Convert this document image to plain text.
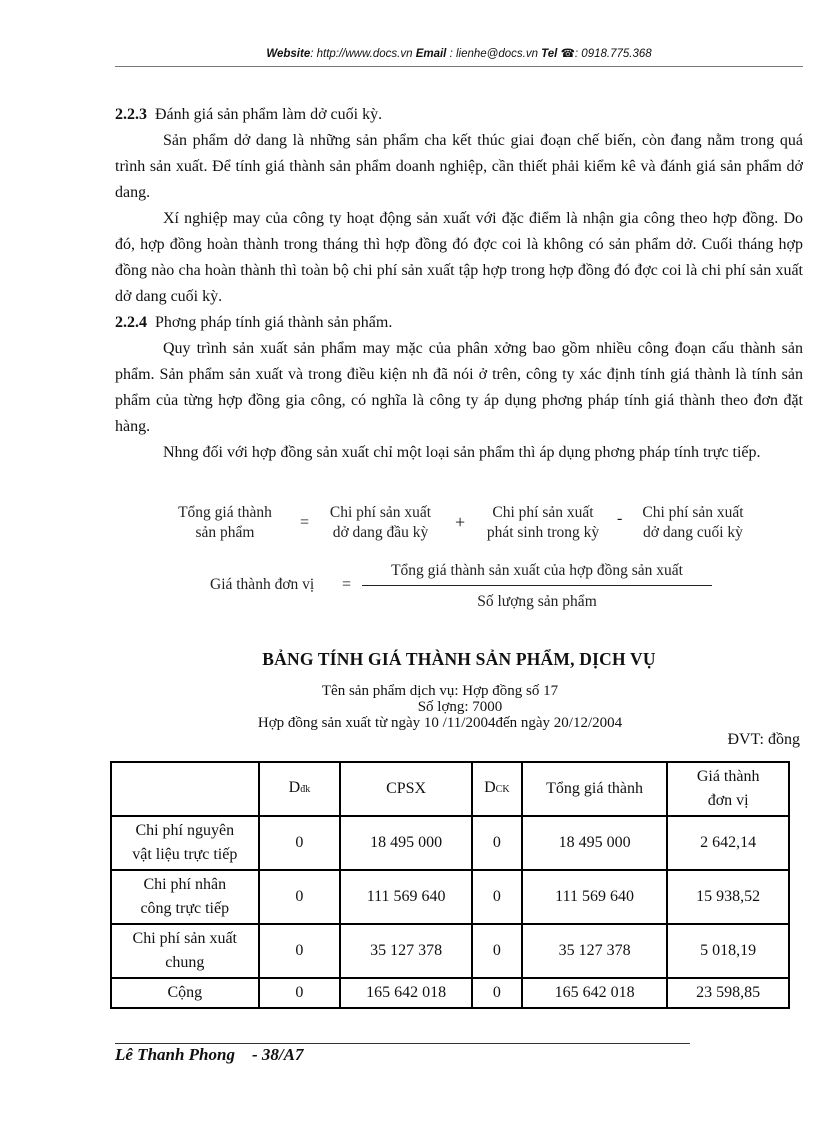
Website: http://www.docs.vn Email : lienhe@docs.vn Tel ☎: 0918.775.368

2.2.3 Đánh giá sản phẩm làm dở cuối kỳ.

Sản phẩm dở dang là những sản phẩm cha kết thúc giai đoạn chế biến, còn đang nằm trong quá trình sản xuất. Để tính giá thành sản phẩm doanh nghiệp, cần thiết phải kiểm kê và đánh giá sản phẩm dở dang.

Xí nghiệp may của công ty hoạt động sản xuất với đặc điểm là nhận gia công theo hợp đồng. Do đó, hợp đồng hoàn thành trong tháng thì hợp đồng đó đợc coi là không có sản phẩm dở. Cuối tháng hợp đồng nào cha hoàn thành thì toàn bộ chi phí sản xuất tập hợp trong hợp đồng đó đợc coi là chi phí sản xuất dở dang cuối kỳ.

2.2.4 Phơng pháp tính giá thành sản phẩm.

Quy trình sản xuất sản phẩm may mặc của phân xởng bao gồm nhiều công đoạn cấu thành sản phẩm. Sản phẩm sản xuất và trong điều kiện nh đã nói ở trên, công ty xác định tính giá thành là tính sản phẩm của từng hợp đồng gia công, có nghĩa là công ty áp dụng phơng pháp tính giá thành theo đơn đặt hàng.

Nhng đối với hợp đồng sản xuất chỉ một loại sản phẩm thì áp dụng phơng pháp tính trực tiếp.

Tổng giá thành
sản phẩm
=
Chi phí sản xuất
dở dang đầu kỳ
+	Chi phí sản xuất
phát sinh trong kỳ
-	Chi phí sản xuất
dở dang cuối kỳ
Giá thành đơn vị =
Tổng giá thành sản xuất của hợp đồng sản xuất
Số lượng sản phẩm
BẢNG TÍNH GIÁ THÀNH SẢN PHẨM, DỊCH VỤ
Tên sản phẩm dịch vụ: Hợp đồng số 17
Số lợng: 7000
Hợp đồng sản xuất từ ngày 10 /11/2004đến ngày 20/12/2004
ĐVT: đồng
	Dđk	CPSX	DCK	Tổng giá thành	Giá thành
đơn vị

Chi phí nguyên
vật liệu trực tiếp	0	18 495 000	0	18 495 000	2 642,14

Chi phí nhân
công trực tiếp	0	111 569 640	0	111 569 640	15 938,52

Chi phí sản xuất
chung	0	35 127 378	0	35 127 378	5 018,19
Cộng	0	165 642 018	0	165 642 018	23 598,85
Lê Thanh Phong - 38/A7
